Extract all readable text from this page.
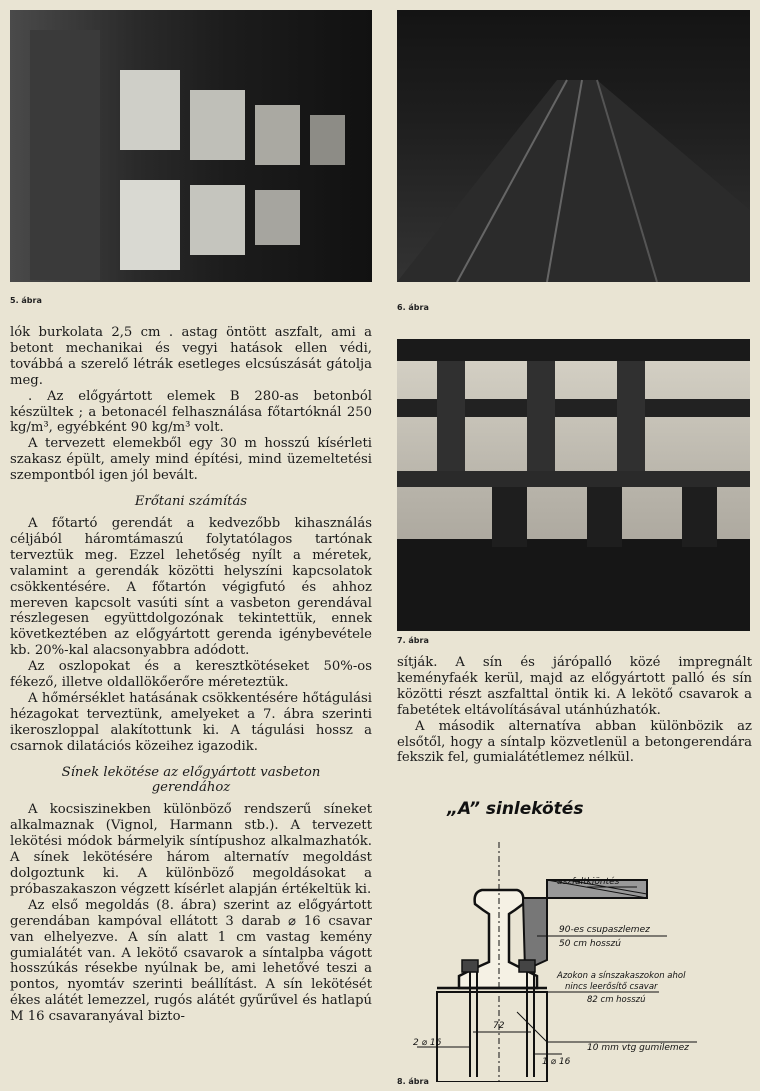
5. ábra
6. ábra
7. ábra

lók burkolata 2,5 cm . astag öntött aszfalt, ami a betont mechanikai és vegyi hatások ellen védi, továbbá a szerelő létrák esetleges elcsúszását gátolja meg.

. Az előgyártott elemek B 280-as betonból készültek ; a betonacél felhasználása főtartóknál 250 kg/m³, egyébként 90 kg/m³ volt.

A tervezett elemekből egy 30 m hosszú kísérleti szakasz épült, amely mind építési, mind üzemeltetési szempontból igen jól bevált.

Erőtani számítás

A főtartó gerendát a kedvezőbb kihasználás céljából háromtámaszú folytatólagos tartónak terveztük meg. Ezzel lehetőség nyílt a méretek, valamint a gerendák közötti helyszíni kapcsolatok csökkentésére. A főtartón végigfutó és ahhoz mereven kapcsolt vasúti sínt a vasbeton gerendával részlegesen együttdolgozónak tekintettük, ennek következtében az előgyártott gerenda igénybevétele kb. 20%-kal alacsonyabbra adódott.

Az oszlopokat és a keresztkötéseket 50%-os fékező, illetve oldallökőerőre méreteztük.

A hőmérséklet hatásának csökkentésére hőtágulási hézagokat terveztünk, amelyeket a 7. ábra szerinti ikeroszloppal alakítottunk ki. A tágulási hossz a csarnok dilatációs közeihez igazodik.

Sínek lekötése az előgyártott vasbeton gerendához

A kocsiszinekben különböző rendszerű síneket alkalmaznak (Vignol, Harmann stb.). A tervezett lekötési módok bármelyik síntípushoz alkalmazhatók. A sínek lekötésére három alternatív megoldást dolgoztunk ki. A különböző megoldásokat a próbaszakaszon végzett kísérlet alapján értékeltük ki.

Az első megoldás (8. ábra) szerint az előgyártott gerendában kampóval ellátott 3 darab ⌀ 16 csavar van elhelyezve. A sín alatt 1 cm vastag kemény gumialátét van. A lekötő csavarok a síntalpba vágott hosszúkás résekbe nyúlnak be, ami lehetővé teszi a pontos, nyomtáv szerinti beállítást. A sín lekötését ékes alátét lemezzel, rugós alátét gyűrűvel és hatlapú M 16 csavaranyával bizto-

sítják. A sín és járópalló közé impregnált keményfaék kerül, majd az előgyártott palló és sín közötti részt aszfalttal öntik ki. A lekötő csavarok a fabetétek eltávolításával utánhúzhatók.

A második alternatíva abban különbözik az elsőtől, hogy a síntalp közvetlenül a betongerendára fekszik fel, gumialátétlemez nélkül.

„A” sinlekötés
72
aszfaltkiöntés
90-es csupaszlemez
50 cm hosszú
Azokon a sínszakaszokon ahol
nincs leerősítő csavar
82 cm hosszú
10 mm vtg gumilemez
2 ⌀ 16
1 ⌀ 16
8. ábra
